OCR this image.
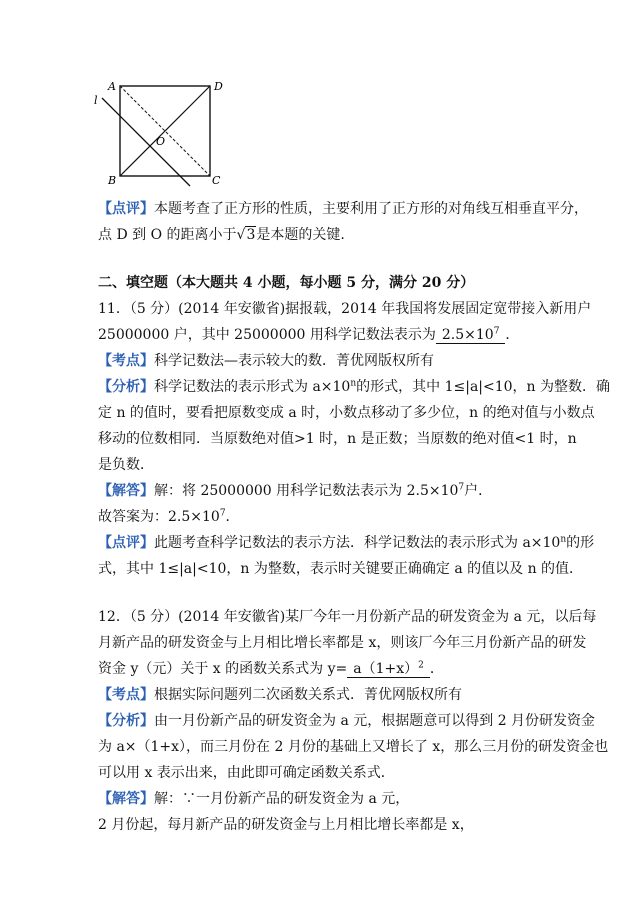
A	D
B	C
O
l
【点评】本题考查了正方形的性质，主要利用了正方形的对角线互相垂直平分，
点 D 到 O 的距离小于√3是本题的关键.
二、填空题（本大题共 4 小题，每小题 5 分，满分 20 分）
11．（5 分）(2014 年安徽省)据报载，2014 年我国将发展固定宽带接入新用户
25000000 户，其中 25000000 用科学记数法表示为 $2.5\times 10^7$ ．
【考点】科学记数法—表示较大的数．菁优网版权所有
【分析】科学记数法的表示形式为 $a\times 10^n$的形式，其中 1≤|a|<10，n 为整数．确
定 n 的值时，要看把原数变成 a 时，小数点移动了多少位，n 的绝对值与小数点
移动的位数相同．当原数绝对值>1 时，n 是正数；当原数的绝对值<1 时，n
是负数．
【解答】解：将 25000000 用科学记数法表示为 $2.5\times 10^7$户．
故答案为：$2.5\times 10^7$．
【点评】此题考查科学记数法的表示方法．科学记数法的表示形式为 $a\times 10^n$的形
式，其中 1≤|a|<10，n 为整数，表示时关键要正确确定 a 的值以及 n 的值．
12．（5 分）(2014 年安徽省)某厂今年一月份新产品的研发资金为 a 元，以后每
月新产品的研发资金与上月相比增长率都是 x，则该厂今年三月份新产品的研发
资金 y（元）关于 x 的函数关系式为 $y= a(1+x)^2$ ．
【考点】根据实际问题列二次函数关系式．菁优网版权所有
【分析】由一月份新产品的研发资金为 a 元，根据题意可以得到 2 月份研发资金
为 a×（1+x），而三月份在 2 月份的基础上又增长了 x，那么三月份的研发资金也
可以用 x 表示出来，由此即可确定函数关系式．
【解答】解：∵一月份新产品的研发资金为 a 元，
2 月份起，每月新产品的研发资金与上月相比增长率都是 x，
